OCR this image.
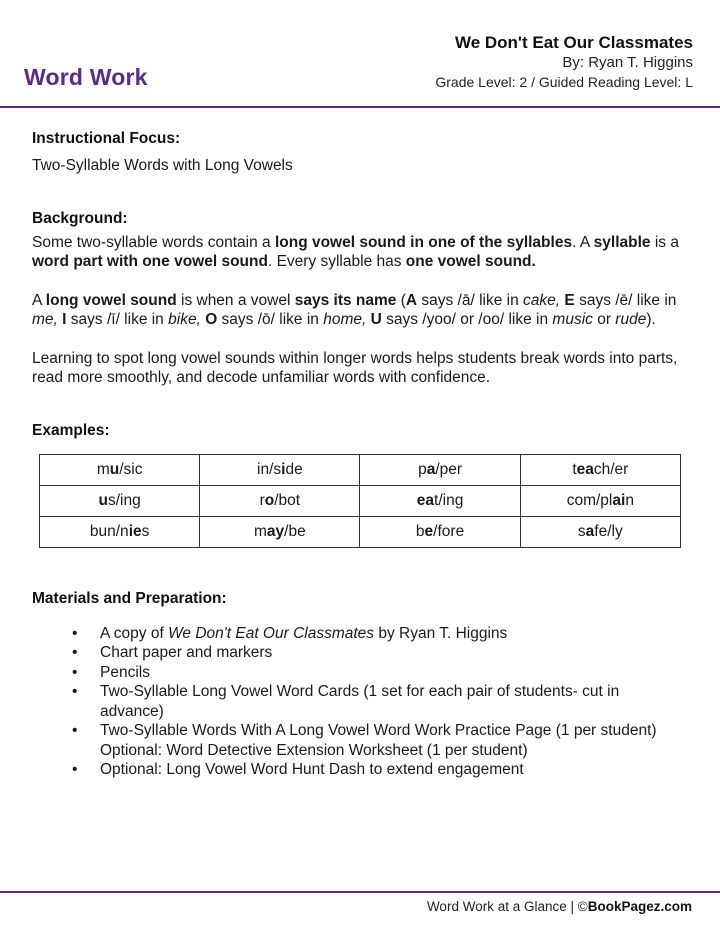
Word Work
We Don't Eat Our Classmates
By: Ryan T. Higgins
Grade Level: 2 / Guided Reading Level: L
Instructional Focus:

Two-Syllable Words with Long Vowels

Background:

Some two-syllable words contain a long vowel sound in one of the syllables. A syllable is a word part with one vowel sound. Every syllable has one vowel sound.

A long vowel sound is when a vowel says its name (A says /ā/ like in cake, E says /ē/ like in me, I says /ī/ like in bike, O says /ō/ like in home, U says /yoo/ or /oo/ like in music or rude).

Learning to spot long vowel sounds within longer words helps students break words into parts, read more smoothly, and decode unfamiliar words with confidence.

Examples:
mu/sic	in/side	pa/per	teach/er
us/ing	ro/bot	eat/ing	com/plain
bun/nies	may/be	be/fore	safe/ly
Materials and Preparation:
• A copy of We Don't Eat Our Classmates by Ryan T. Higgins
• Chart paper and markers
• Pencils
• Two-Syllable Long Vowel Word Cards (1 set for each pair of students- cut in advance)
• Two-Syllable Words With A Long Vowel Word Work Practice Page (1 per student)
Optional: Word Detective Extension Worksheet (1 per student)
• Optional: Long Vowel Word Hunt Dash to extend engagement
Word Work at a Glance | ©BookPagez.com
